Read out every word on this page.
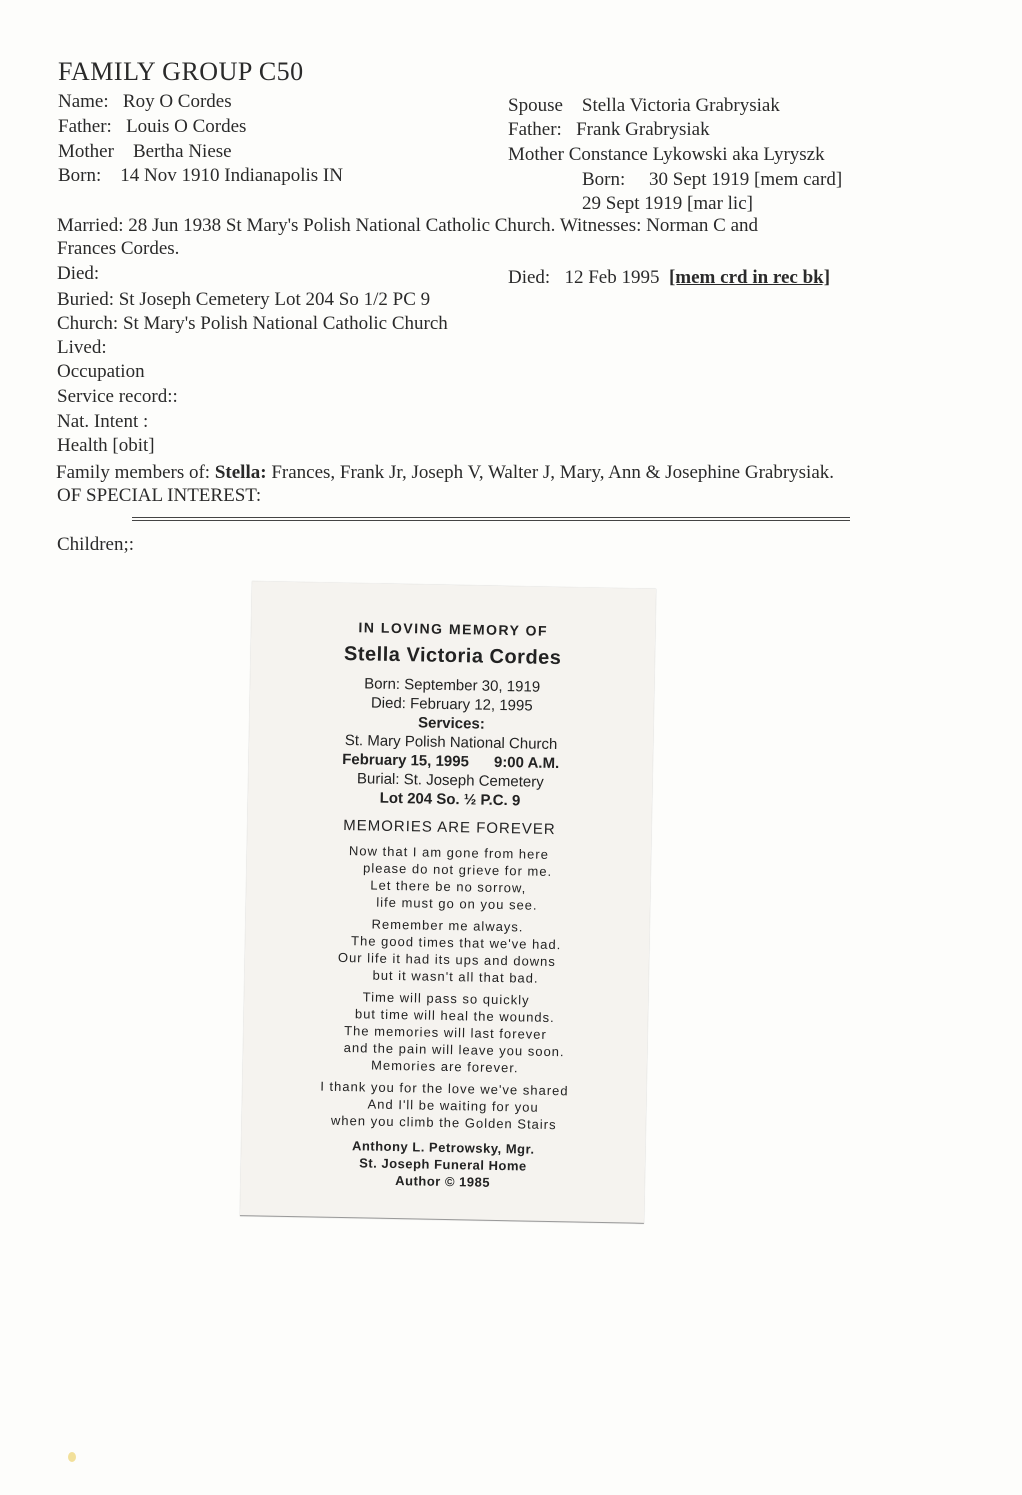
FAMILY GROUP C50
Name: Roy O Cordes
Father: Louis O Cordes
Mother Bertha Niese
Born: 14 Nov 1910 Indianapolis IN
Spouse Stella Victoria Grabrysiak
Father: Frank Grabrysiak
Mother Constance Lykowski aka Lyryszk
Born: 30 Sept 1919 [mem card]
29 Sept 1919 [mar lic]
Married: 28 Jun 1938 St Mary's Polish National Catholic Church. Witnesses: Norman C and
Frances Cordes.
Died:	Died: 12 Feb 1995 [mem crd in rec bk]
Buried: St Joseph Cemetery Lot 204 So 1/2 PC 9
Church: St Mary's Polish National Catholic Church
Lived:
Occupation
Service record::
Nat. Intent :
Health [obit]
Family members of: Stella: Frances, Frank Jr, Joseph V, Walter J, Mary, Ann & Josephine Grabrysiak.
OF SPECIAL INTEREST:
Children;:
IN LOVING MEMORY OF
Stella Victoria Cordes
Born: September 30, 1919
Died: February 12, 1995
Services:
St. Mary Polish National Church
February 15, 1995 9:00 A.M.
Burial: St. Joseph Cemetery
Lot 204 So. ½ P.C. 9
MEMORIES ARE FOREVER
Now that I am gone from here
please do not grieve for me.
Let there be no sorrow,
life must go on you see.
Remember me always.
The good times that we've had.
Our life it had its ups and downs
but it wasn't all that bad.
Time will pass so quickly
but time will heal the wounds.
The memories will last forever
and the pain will leave you soon.
Memories are forever.
I thank you for the love we've shared
And I'll be waiting for you
when you climb the Golden Stairs
Anthony L. Petrowsky, Mgr.
St. Joseph Funeral Home
Author © 1985
